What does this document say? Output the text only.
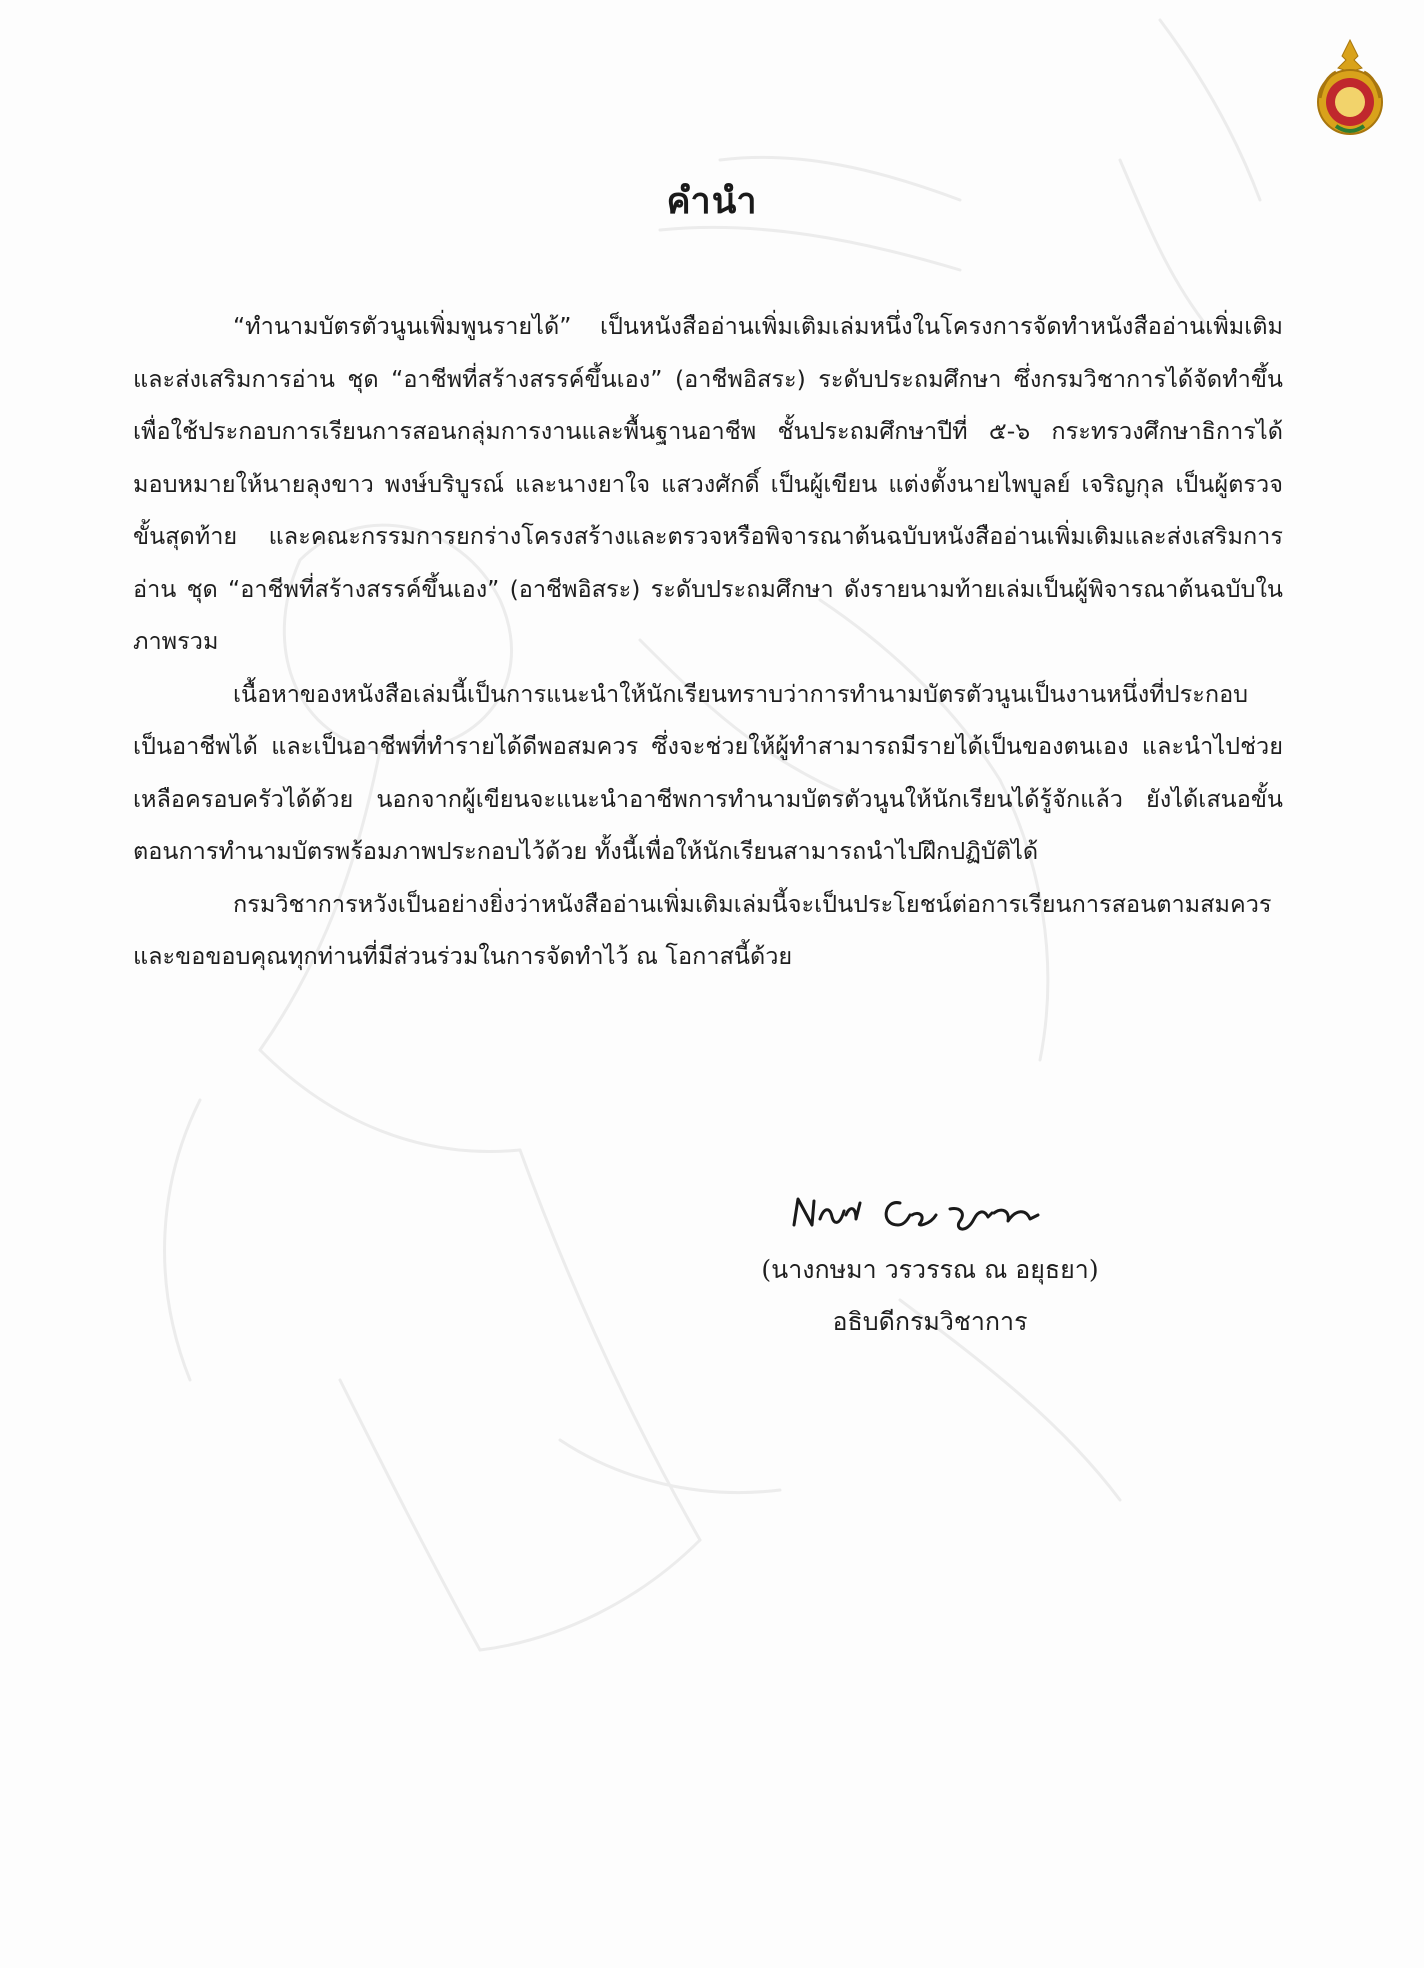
คำนำ

“ทำนามบัตรตัวนูนเพิ่มพูนรายได้” เป็นหนังสืออ่านเพิ่มเติมเล่มหนึ่งในโครงการจัดทำหนังสืออ่านเพิ่มเติมและส่งเสริมการอ่าน ชุด “อาชีพที่สร้างสรรค์ขึ้นเอง” (อาชีพอิสระ) ระดับประถมศึกษา ซึ่งกรมวิชาการได้จัดทำขึ้นเพื่อใช้ประกอบการเรียนการสอนกลุ่มการงานและพื้นฐานอาชีพ ชั้นประถมศึกษาปีที่ ๕-๖ กระทรวงศึกษาธิการได้มอบหมายให้นายลุงขาว พงษ์บริบูรณ์ และนางยาใจ แสวงศักดิ์ เป็นผู้เขียน แต่งตั้งนายไพบูลย์ เจริญกุล เป็นผู้ตรวจขั้นสุดท้าย และคณะกรรมการยกร่างโครงสร้างและตรวจหรือพิจารณาต้นฉบับหนังสืออ่านเพิ่มเติมและส่งเสริมการอ่าน ชุด “อาชีพที่สร้างสรรค์ขึ้นเอง” (อาชีพอิสระ) ระดับประถมศึกษา ดังรายนามท้ายเล่มเป็นผู้พิจารณาต้นฉบับในภาพรวม

เนื้อหาของหนังสือเล่มนี้เป็นการแนะนำให้นักเรียนทราบว่าการทำนามบัตรตัวนูนเป็นงานหนึ่งที่ประกอบเป็นอาชีพได้ และเป็นอาชีพที่ทำรายได้ดีพอสมควร ซึ่งจะช่วยให้ผู้ทำสามารถมีรายได้เป็นของตนเอง และนำไปช่วยเหลือครอบครัวได้ด้วย นอกจากผู้เขียนจะแนะนำอาชีพการทำนามบัตรตัวนูนให้นักเรียนได้รู้จักแล้ว ยังได้เสนอขั้นตอนการทำนามบัตรพร้อมภาพประกอบไว้ด้วย ทั้งนี้เพื่อให้นักเรียนสามารถนำไปฝึกปฏิบัติได้

กรมวิชาการหวังเป็นอย่างยิ่งว่าหนังสืออ่านเพิ่มเติมเล่มนี้จะเป็นประโยชน์ต่อการเรียนการสอนตามสมควร และขอขอบคุณทุกท่านที่มีส่วนร่วมในการจัดทำไว้ ณ โอกาสนี้ด้วย

(นางกษมา วรวรรณ ณ อยุธยา)
อธิบดีกรมวิชาการ
